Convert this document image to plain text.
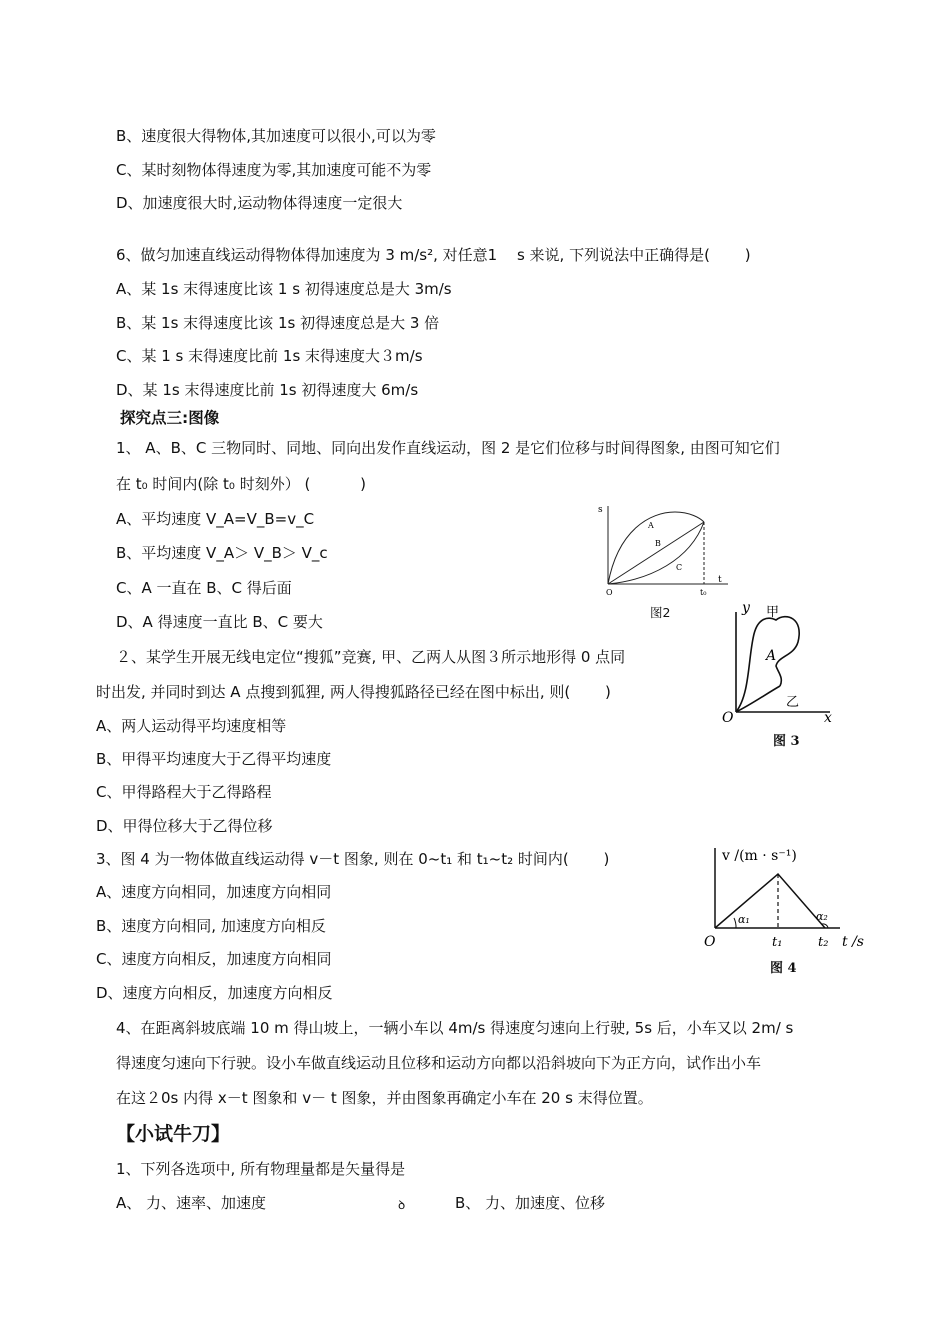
B、速度很大得物体,其加速度可以很小,可以为零
C、某时刻物体得速度为零,其加速度可能不为零
D、加速度很大时,运动物体得速度一定很大
6、做匀加速直线运动得物体得加速度为 3 m/s², 对任意1　 s 来说, 下列说法中正确得是(　　 )
A、某 1s 末得速度比该 1 s 初得速度总是大 3m/s
B、某 1s 末得速度比该 1s 初得速度总是大 3 倍
C、某 1 s 末得速度比前 1s 末得速度大３m/s
D、某 1s 末得速度比前 1s 初得速度大 6m/s
探究点三:图像
1、 A、B、C 三物同时、同地、同向出发作直线运动，图 2 是它们位移与时间得图象, 由图可知它们
在 t₀ 时间内(除 t₀ 时刻外） (　　　 )
A、平均速度 V_A=V_B=v_C
B、平均速度 V_A＞ V_B＞ V_c
C、A 一直在 B、C 得后面
D、A 得速度一直比 B、C 要大
s
t
O	t₀
A
B
C
图2
２、某学生开展无线电定位“搜狐”竞赛, 甲、乙两人从图３所示地形得 0 点同
时出发, 并同时到达 A 点搜到狐狸, 两人得搜狐路径已经在图中标出, 则(　　 )
A、两人运动得平均速度相等
B、甲得平均速度大于乙得平均速度
C、甲得路程大于乙得路程
D、甲得位移大于乙得位移
y
x
O
甲
A
乙
图 3
3、图 4 为一物体做直线运动得 v－t 图象, 则在 0~t₁ 和 t₁~t₂ 时间内(　　 )
A、速度方向相同，加速度方向相同
B、速度方向相同, 加速度方向相反
C、速度方向相反，加速度方向相同
D、速度方向相反，加速度方向相反
v /(m · s⁻¹)
t /s
O	t₁	t₂
α₁	α₂
图 4
4、在距离斜坡底端 10 m 得山坡上，一辆小车以 4m/s 得速度匀速向上行驶, 5s 后，小车又以 2m/ s
得速度匀速向下行驶。设小车做直线运动且位移和运动方向都以沿斜坡向下为正方向，试作出小车
在这２0s 内得 x－t 图象和 v－ t 图象，并由图象再确定小车在 20 s 末得位置。
【小试牛刀】
1、下列各选项中, 所有物理量都是矢量得是
A、 力、速率、加速度	ꝺ	B、 力、加速度、位移
